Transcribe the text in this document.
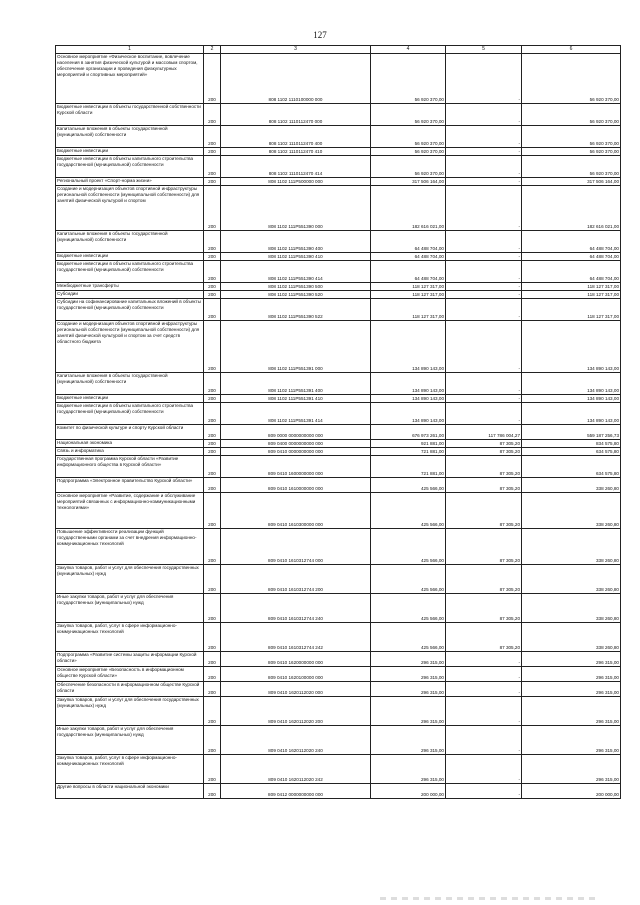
127
1	2	3	4	5	6
Основное мероприятие «Физическое воспитание, вовлечение населения в занятия физической культурой и массовым спортом, обеспечение организации и проведения физкультурных мероприятий и спортивных мероприятий»	200	808 1102 1110100000 000	56 920 370,00	-	56 920 370,00
Бюджетные инвестиции в объекты государственной собственности Курской области	200	808 1102 1110112470 000	56 920 370,00	-	56 920 370,00
Капитальные вложения в объекты государственной (муниципальной) собственности	200	808 1102 1110112470 400	56 920 370,00	-	56 920 370,00
Бюджетные инвестиции	200	808 1102 1110112470 410	56 920 370,00	-	56 920 370,00
Бюджетные инвестиции в объекты капитального строительства государственной (муниципальной) собственности	200	808 1102 1110112470 414	56 920 370,00	-	56 920 370,00
Региональный проект «Спорт-норма жизни»	200	808 1102 111P500000 000	317 506 164,00	-	317 506 164,00
Создание и модернизация объектов спортивной инфраструктуры региональной собственности (муниципальной собственности) для занятий физической культурой и спортом	200	808 1102 111P551390 000	182 616 021,00	-	182 616 021,00
Капитальные вложения в объекты государственной (муниципальной) собственности	200	808 1102 111P551390 400	64 488 704,00	-	64 488 704,00
Бюджетные инвестиции	200	808 1102 111P551390 410	64 488 704,00	-	64 488 704,00
Бюджетные инвестиции в объекты капитального строительства государственной (муниципальной) собственности	200	808 1102 111P551390 414	64 488 704,00	-	64 488 704,00
Межбюджетные трансферты	200	808 1102 111P551390 500	118 127 317,00	-	118 127 317,00
Субсидии	200	808 1102 111P551390 520	118 127 317,00	-	118 127 317,00
Субсидии на софинансирование капитальных вложений в объекты государственной (муниципальной) собственности	200	808 1102 111P551390 522	118 127 317,00	-	118 127 317,00
Создание и модернизация объектов спортивной инфраструктуры региональной собственности (муниципальной собственности) для занятий физической культурой и спортом за счет средств областного бюджета	200	808 1102 111P551391 000	134 890 143,00	-	134 890 143,00
Капитальные вложения в объекты государственной (муниципальной) собственности	200	808 1102 111P551391 400	134 890 143,00	-	134 890 143,00
Бюджетные инвестиции	200	808 1102 111P551391 410	134 890 143,00	-	134 890 143,00
Бюджетные инвестиции в объекты капитального строительства государственной (муниципальной) собственности	200	808 1102 111P551391 414	134 890 143,00	-	134 890 143,00
Комитет по физической культуре и спорту Курской области	200	809 0000 0000000000 000	676 973 261,00	117 786 004,27	559 187 256,73
Национальная экономика	200	809 0400 0000000000 000	921 881,00	87 305,20	834 575,80
Связь и информатика	200	809 0410 0000000000 000	721 881,00	87 305,20	634 575,80
Государственная программа Курской области «Развитие информационного общества в Курской области»	200	809 0410 1600000000 000	721 881,00	87 305,20	634 575,80
Подпрограмма «Электронное правительство Курской области»	200	809 0410 1610000000 000	425 566,00	87 305,20	338 260,80
Основное мероприятие «Развитие, содержание и обслуживание мероприятий связанных с информационно-коммуникационными технологиями»	200	809 0410 1610300000 000	425 566,00	87 305,20	338 260,80
Повышение эффективности реализации функций государственными органами за счет внедрения информационно-коммуникационных технологий	200	809 0410 1610312744 000	425 566,00	87 305,20	338 260,80
Закупка товаров, работ и услуг для обеспечения государственных (муниципальных) нужд	200	809 0410 1610312744 200	425 566,00	87 305,20	338 260,80
Иные закупки товаров, работ и услуг для обеспечения государственных (муниципальных) нужд	200	809 0410 1610312744 240	425 566,00	87 305,20	338 260,80
Закупка товаров, работ, услуг в сфере информационно-коммуникационных технологий	200	809 0410 1610312744 242	425 566,00	87 305,20	338 260,80
Подпрограмма «Развитие системы защиты информации Курской области»	200	809 0410 1620000000 000	296 315,00	-	296 315,00
Основное мероприятие «Безопасность в информационном обществе Курской области»	200	809 0410 1620100000 000	296 315,00	-	296 315,00
Обеспечение безопасности в информационном обществе Курской области	200	809 0410 1620112020 000	296 315,00	-	296 315,00
Закупка товаров, работ и услуг для обеспечения государственных (муниципальных) нужд	200	809 0410 1620112020 200	296 315,00	-	296 315,00
Иные закупки товаров, работ и услуг для обеспечения государственных (муниципальных) нужд	200	809 0410 1620112020 240	296 315,00	-	296 315,00
Закупка товаров, работ, услуг в сфере информационно-коммуникационных технологий	200	809 0410 1620112020 242	296 315,00	-	296 315,00
Другие вопросы в области национальной экономики	200	809 0412 0000000000 000	200 000,00	-	200 000,00
